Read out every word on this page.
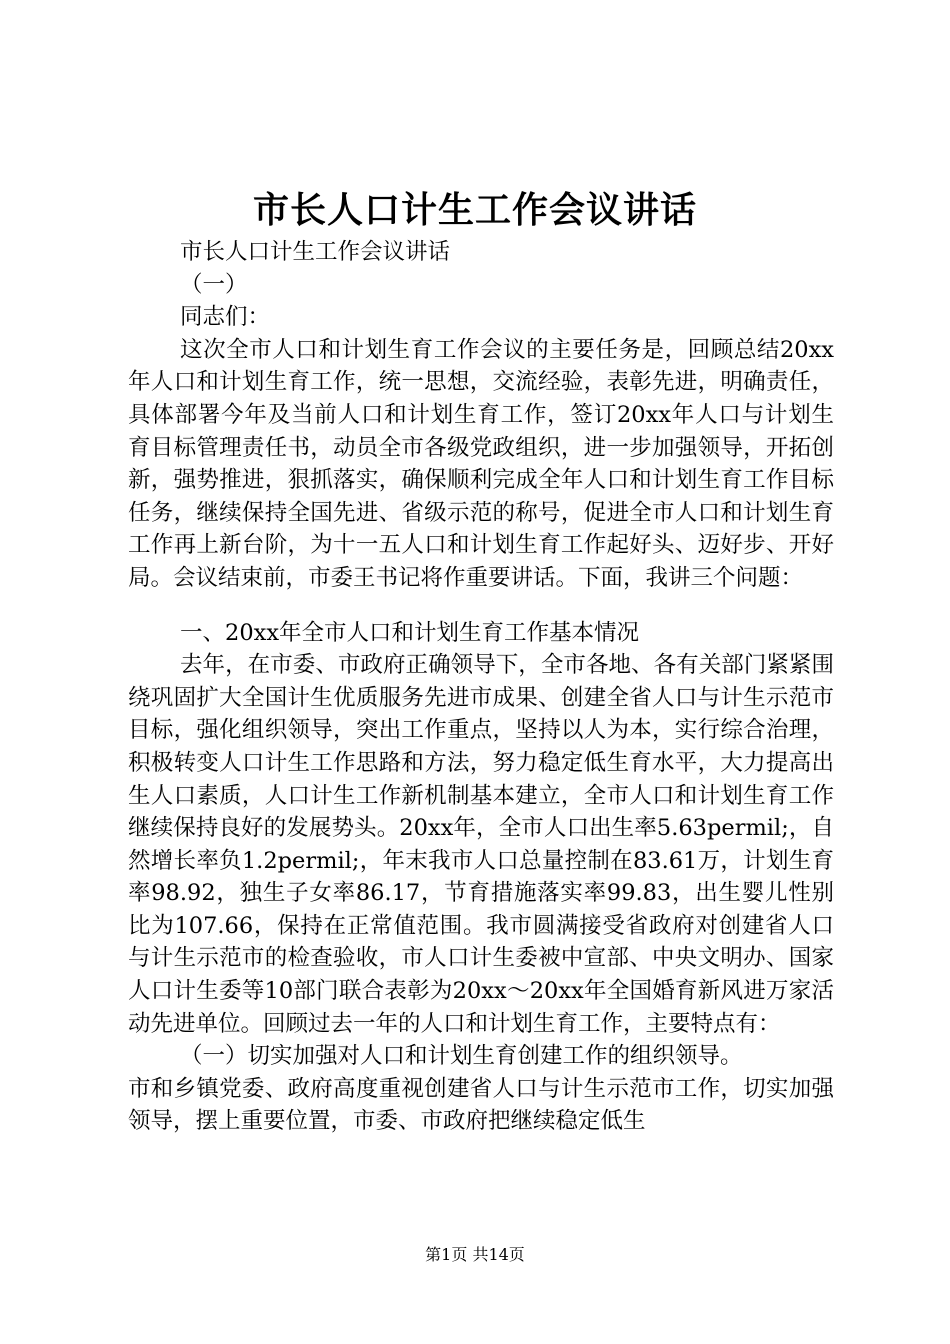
市长人口计生工作会议讲话

市长人口计生工作会议讲话

（一）

同志们：

这次全市人口和计划生育工作会议的主要任务是，回顾总结20xx年人口和计划生育工作，统一思想，交流经验，表彰先进，明确责任，具体部署今年及当前人口和计划生育工作，签订20xx年人口与计划生育目标管理责任书，动员全市各级党政组织，进一步加强领导，开拓创新，强势推进，狠抓落实，确保顺利完成全年人口和计划生育工作目标任务，继续保持全国先进、省级示范的称号，促进全市人口和计划生育工作再上新台阶，为十一五人口和计划生育工作起好头、迈好步、开好局。会议结束前，市委王书记将作重要讲话。下面，我讲三个问题：

一、20xx年全市人口和计划生育工作基本情况

去年，在市委、市政府正确领导下，全市各地、各有关部门紧紧围绕巩固扩大全国计生优质服务先进市成果、创建全省人口与计生示范市目标，强化组织领导，突出工作重点，坚持以人为本，实行综合治理，积极转变人口计生工作思路和方法，努力稳定低生育水平，大力提高出生人口素质，人口计生工作新机制基本建立，全市人口和计划生育工作继续保持良好的发展势头。20xx年，全市人口出生率5.63permil;，自然增长率负1.2permil;，年末我市人口总量控制在83.61万，计划生育率98.92，独生子女率86.17，节育措施落实率99.83，出生婴儿性别比为107.66，保持在正常值范围。我市圆满接受省政府对创建省人口与计生示范市的检查验收，市人口计生委被中宣部、中央文明办、国家人口计生委等10部门联合表彰为20xx～20xx年全国婚育新风进万家活动先进单位。回顾过去一年的人口和计划生育工作，主要特点有：

（一）切实加强对人口和计划生育创建工作的组织领导。

市和乡镇党委、政府高度重视创建省人口与计生示范市工作，切实加强领导，摆上重要位置，市委、市政府把继续稳定低生

第1页 共14页
